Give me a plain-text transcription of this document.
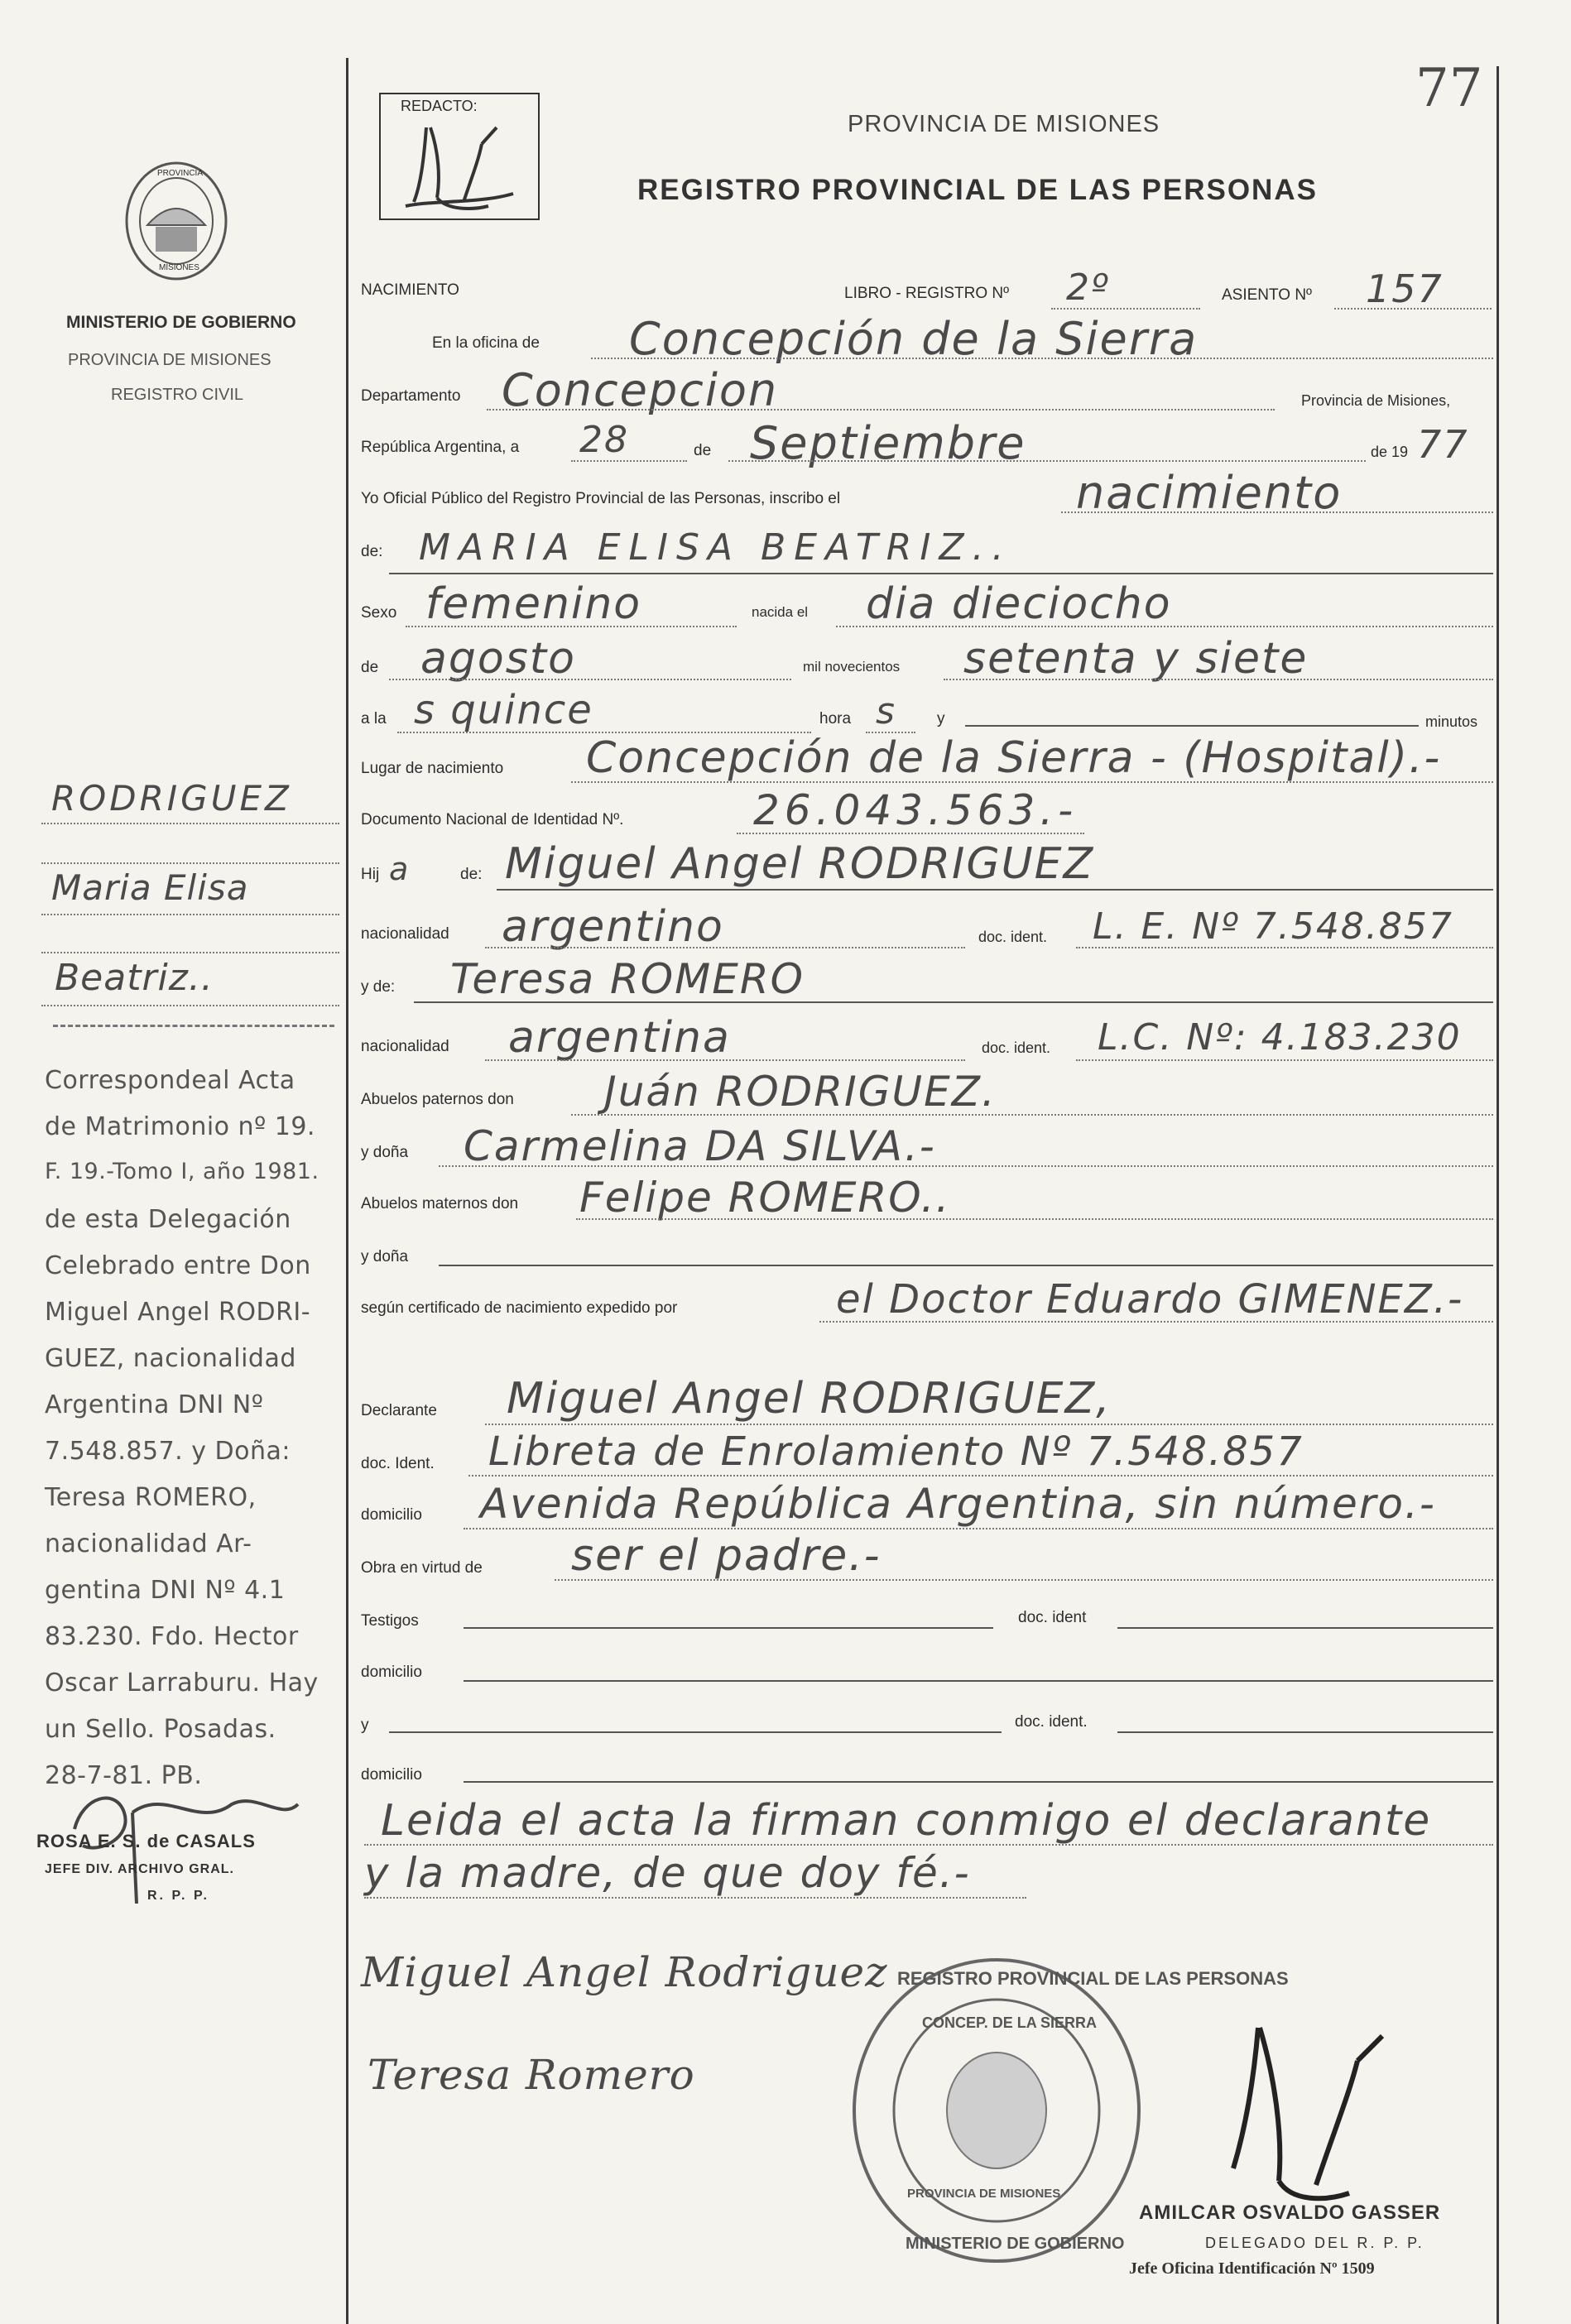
77
REDACTO:
PROVINCIA DE MISIONES
REGISTRO PROVINCIAL DE LAS PERSONAS
PROVINCIA
MISIONES
MINISTERIO DE GOBIERNO
PROVINCIA DE MISIONES
REGISTRO CIVIL
NACIMIENTO	LIBRO - REGISTRO Nº 2º	ASIENTO Nº 157
En la oficina de Concepción de la Sierra
Departamento Concepcion	Provincia de Misiones,
República Argentina, a 28	de Septiembre	de 19 77
Yo Oficial Público del Registro Provincial de las Personas, inscribo el	nacimiento
de: MARIA ELISA BEATRIZ..
Sexo femenino	nacida el dia dieciocho
de agosto	mil novecientos setenta y siete
a la s quince	hora s	y	minutos
Lugar de nacimiento Concepción de la Sierra - (Hospital).-
Documento Nacional de Identidad Nº.	26.043.563.-
Hij a	de: Miguel Angel RODRIGUEZ
nacionalidad argentino	doc. ident. L. E. Nº 7.548.857
y de: Teresa ROMERO
nacionalidad argentina	doc. ident. L.C. Nº: 4.183.230
Abuelos paternos don Juán RODRIGUEZ.
y doña Carmelina DA SILVA.-
Abuelos maternos don Felipe ROMERO..
y doña
según certificado de nacimiento expedido por	el Doctor Eduardo GIMENEZ.-
Declarante Miguel Angel RODRIGUEZ,
doc. Ident. Libreta de Enrolamiento Nº 7.548.857
domicilio Avenida República Argentina, sin número.-
Obra en virtud de ser el padre.-
Testigos	doc. ident
domicilio
y	doc. ident.
domicilio
Leida el acta la firman conmigo el declarante
y la madre, de que doy fé.-
Miguel Angel Rodriguez
Teresa Romero
REGISTRO PROVINCIAL DE LAS PERSONAS
CONCEP. DE LA SIERRA
PROVINCIA DE MISIONES
MINISTERIO DE GOBIERNO
AMILCAR OSVALDO GASSER
DELEGADO DEL R. P. P.
Jefe Oficina Identificación Nº 1509
RODRIGUEZ
Maria Elisa
Beatriz..
Correspondeal Acta
de Matrimonio nº 19.
F. 19.-Tomo I, año 1981.
de esta Delegación
Celebrado entre Don
Miguel Angel RODRI-
GUEZ, nacionalidad
Argentina DNI Nº
7.548.857. y Doña:
Teresa ROMERO,
nacionalidad Ar-
gentina DNI Nº 4.1
83.230. Fdo. Hector
Oscar Larraburu. Hay
un Sello. Posadas.
28-7-81. PB.
ROSA E. S. de CASALS
JEFE DIV. ARCHIVO GRAL.
R. P. P.
